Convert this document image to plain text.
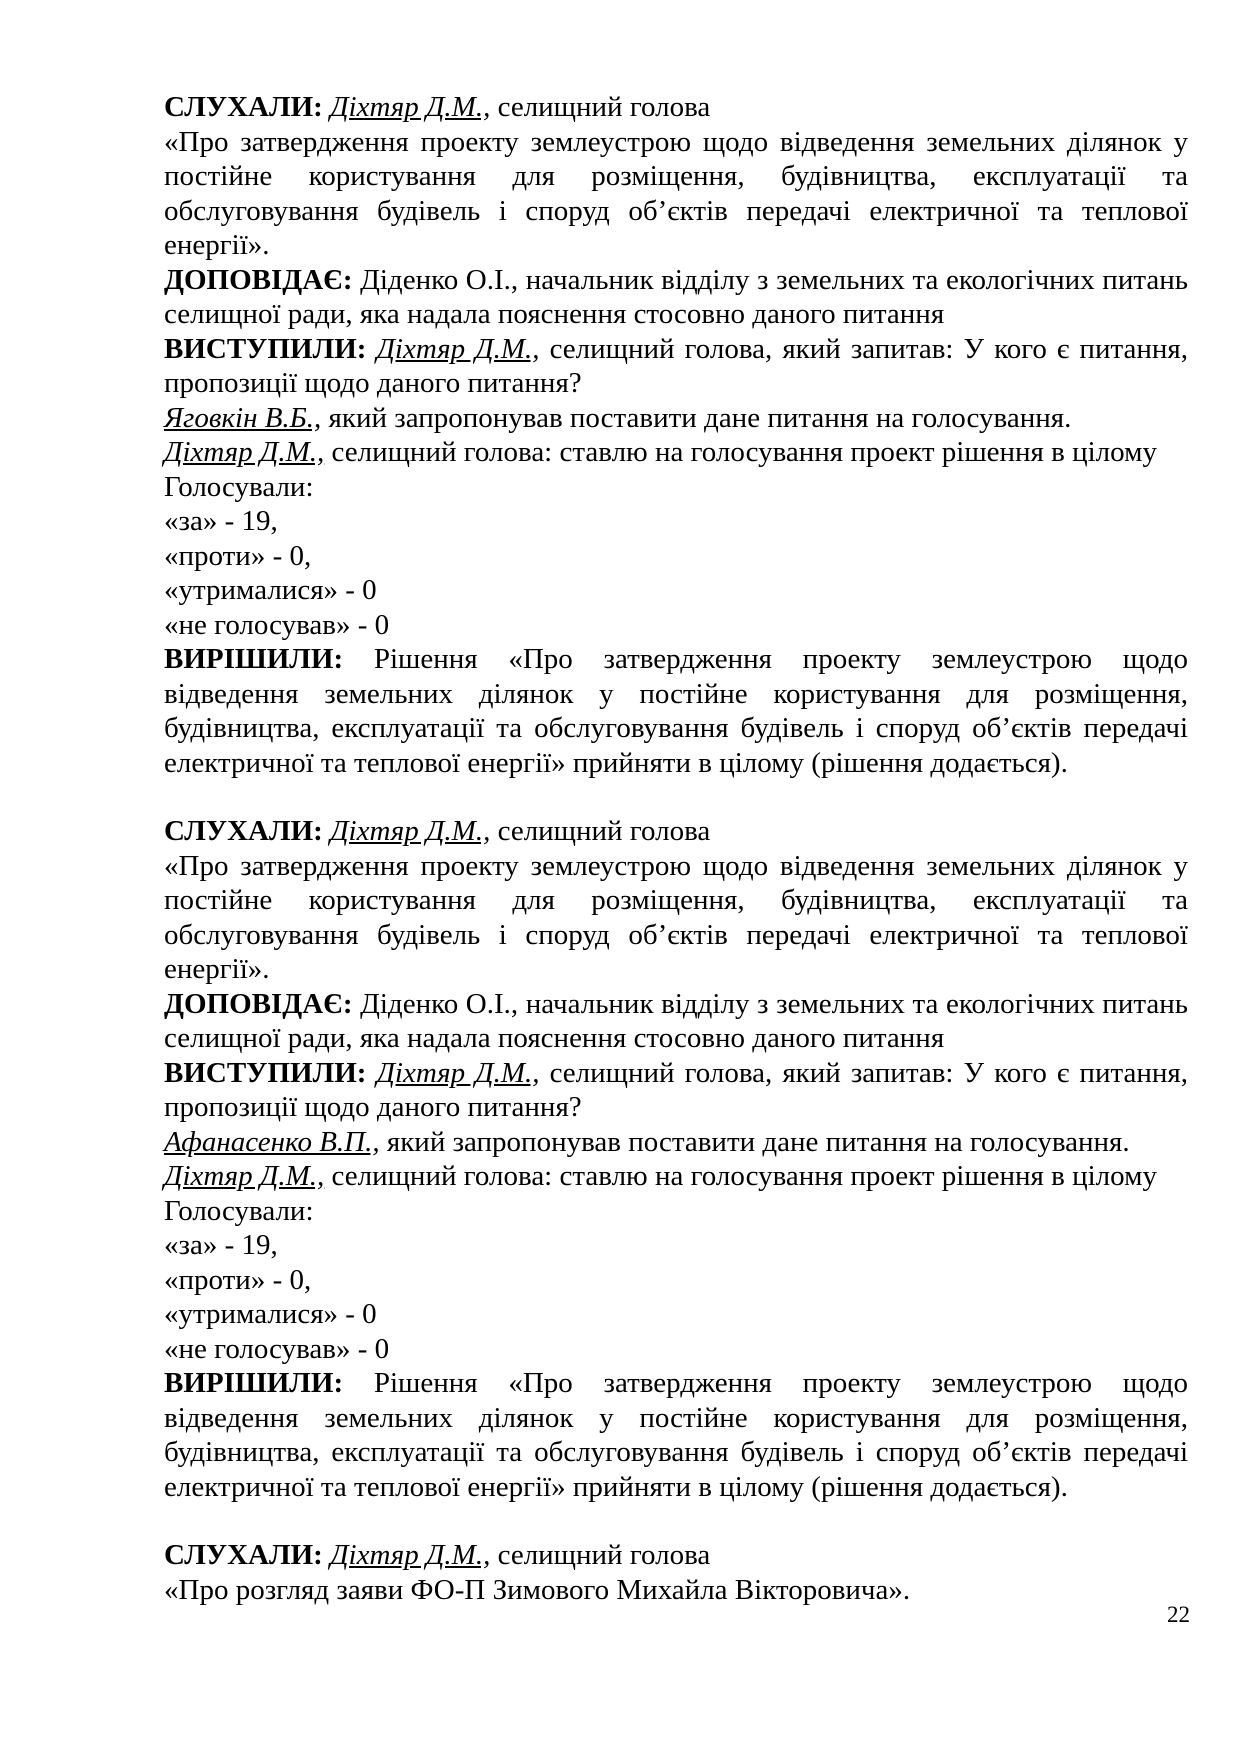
СЛУХАЛИ: Діхтяр Д.М., селищний голова

«Про затвердження проекту землеустрою щодо відведення земельних ділянок у постійне користування для розміщення, будівництва, експлуатації та обслуговування будівель і споруд об’єктів передачі електричної та теплової енергії».

ДОПОВІДАЄ: Діденко О.І., начальник відділу з земельних та екологічних питань селищної ради, яка надала пояснення стосовно даного питання

ВИСТУПИЛИ: Діхтяр Д.М., селищний голова, який запитав: У кого є питання, пропозиції щодо даного питання?

Яговкін В.Б., який запропонував поставити дане питання на голосування.

Діхтяр Д.М., селищний голова: ставлю на голосування проект рішення в цілому

Голосували:

«за» - 19,

«проти» - 0,

«утрималися» - 0

«не голосував» - 0

ВИРІШИЛИ: Рішення «Про затвердження проекту землеустрою щодо відведення земельних ділянок у постійне користування для розміщення, будівництва, експлуатації та обслуговування будівель і споруд об’єктів передачі електричної та теплової енергії» прийняти в цілому (рішення додається).

СЛУХАЛИ: Діхтяр Д.М., селищний голова

«Про затвердження проекту землеустрою щодо відведення земельних ділянок у постійне користування для розміщення, будівництва, експлуатації та обслуговування будівель і споруд об’єктів передачі електричної та теплової енергії».

ДОПОВІДАЄ: Діденко О.І., начальник відділу з земельних та екологічних питань селищної ради, яка надала пояснення стосовно даного питання

ВИСТУПИЛИ: Діхтяр Д.М., селищний голова, який запитав: У кого є питання, пропозиції щодо даного питання?

Афанасенко В.П., який запропонував поставити дане питання на голосування.

Діхтяр Д.М., селищний голова: ставлю на голосування проект рішення в цілому

Голосували:

«за» - 19,

«проти» - 0,

«утрималися» - 0

«не голосував» - 0

ВИРІШИЛИ: Рішення «Про затвердження проекту землеустрою щодо відведення земельних ділянок у постійне користування для розміщення, будівництва, експлуатації та обслуговування будівель і споруд об’єктів передачі електричної та теплової енергії» прийняти в цілому (рішення додається).

СЛУХАЛИ: Діхтяр Д.М., селищний голова

«Про розгляд заяви ФО-П Зимового Михайла Вікторовича».

22
